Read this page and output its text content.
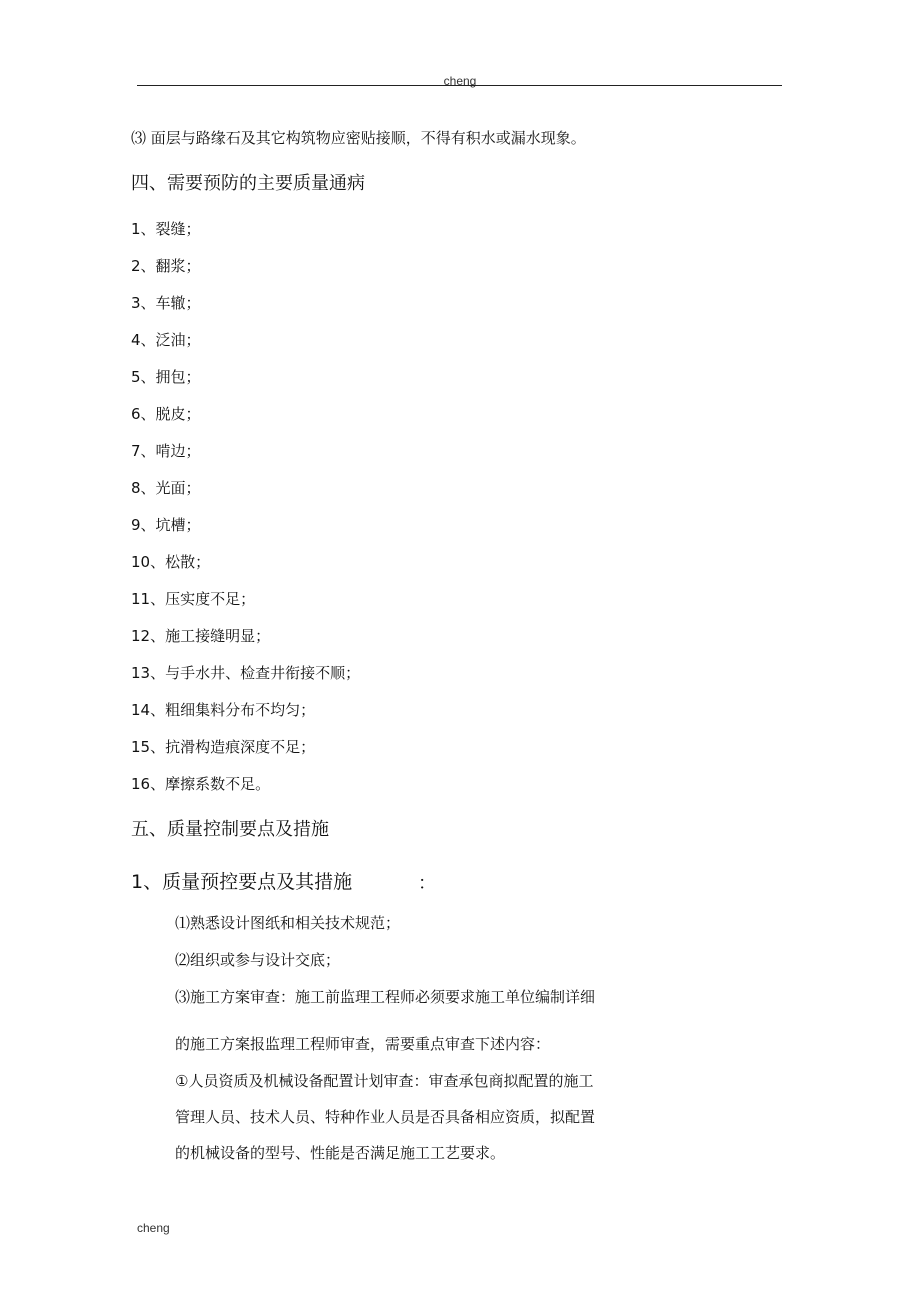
cheng
⑶ 面层与路缘石及其它构筑物应密贴接顺，不得有积水或漏水现象。
四、需要预防的主要质量通病
1、裂缝；
2、翻浆；
3、车辙；
4、泛油；
5、拥包；
6、脱皮；
7、啃边；
8、光面；
9、坑槽；
10、松散；
11、压实度不足；
12、施工接缝明显；
13、与手水井、检查井衔接不顺；
14、粗细集料分布不均匀；
15、抗滑构造痕深度不足；
16、摩擦系数不足。
五、质量控制要点及措施
1、质量预控要点及其措施	：
⑴熟悉设计图纸和相关技术规范；
⑵组织或参与设计交底；
⑶施工方案审查：施工前监理工程师必须要求施工单位编制详细
的施工方案报监理工程师审查，需要重点审查下述内容：
①人员资质及机械设备配置计划审查：审查承包商拟配置的施工
管理人员、技术人员、特种作业人员是否具备相应资质，拟配置
的机械设备的型号、性能是否满足施工工艺要求。
cheng
